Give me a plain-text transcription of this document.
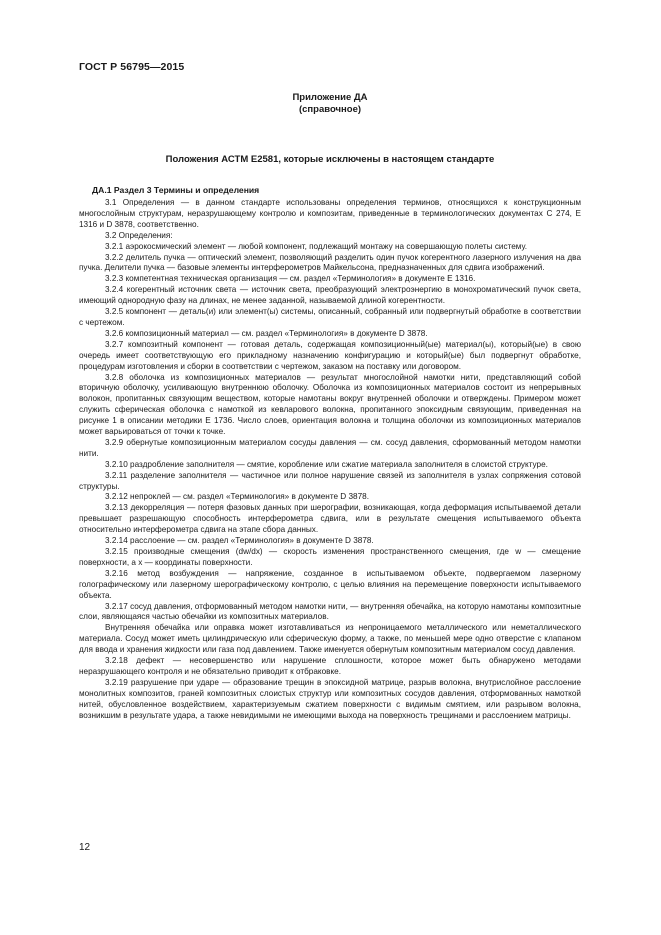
ГОСТ Р 56795—2015
Приложение ДА
(справочное)
Положения АСТМ Е2581, которые исключены в настоящем стандарте
ДА.1 Раздел 3 Термины и определения

3.1 Определения — в данном стандарте использованы определения терминов, относящихся к конструкционным многослойным структурам, неразрушающему контролю и композитам, приведенные в терминологических документах С 274, Е 1316 и D 3878, соответственно.

3.2 Определения:

3.2.1 аэрокосмический элемент — любой компонент, подлежащий монтажу на совершающую полеты систему.

3.2.2 делитель пучка — оптический элемент, позволяющий разделить один пучок когерентного лазерного излучения на два пучка. Делители пучка — базовые элементы интерферометров Майкельсона, предназначенных для сдвига изображений.

3.2.3 компетентная техническая организация — см. раздел «Терминология» в документе Е 1316.

3.2.4 когерентный источник света — источник света, преобразующий электроэнергию в монохроматический пучок света, имеющий однородную фазу на длинах, не менее заданной, называемой длиной когерентности.

3.2.5 компонент — деталь(и) или элемент(ы) системы, описанный, собранный или подвергнутый обработке в соответствии с чертежом.

3.2.6 композиционный материал — см. раздел «Терминология» в документе D 3878.

3.2.7 композитный компонент — готовая деталь, содержащая композиционный(ые) материал(ы), который(ые) в свою очередь имеет соответствующую его прикладному назначению конфигурацию и который(ые) был подвергнут обработке, процедурам изготовления и сборки в соответствии с чертежом, заказом на поставку или договором.

3.2.8 оболочка из композиционных материалов — результат многослойной намотки нити, представляющий собой вторичную оболочку, усиливающую внутреннюю оболочку. Оболочка из композиционных материалов состоит из непрерывных волокон, пропитанных связующим веществом, которые намотаны вокруг внутренней оболочки и отверждены. Примером может служить сферическая оболочка с намоткой из кевларового волокна, пропитанного эпоксидным связующим, приведенная на рисунке 1 в описании методики Е 1736. Число слоев, ориентация волокна и толщина оболочки из композиционных материалов может варьироваться от точки к точке.

3.2.9 обернутые композиционным материалом сосуды давления — см. сосуд давления, сформованный методом намотки нити.

3.2.10 раздробление заполнителя — смятие, коробление или сжатие материала заполнителя в слоистой структуре.

3.2.11 разделение заполнителя — частичное или полное нарушение связей из заполнителя в узлах сопряжения сотовой структуры.

3.2.12 непроклей — см. раздел «Терминология» в документе D 3878.

3.2.13 декорреляция — потеря фазовых данных при шерографии, возникающая, когда деформация испытываемой детали превышает разрешающую способность интерферометра сдвига, или в результате смещения испытываемого объекта относительно интерферометра сдвига на этапе сбора данных.

3.2.14 расслоение — см. раздел «Терминология» в документе D 3878.

3.2.15 производные смещения (dw/dx) — скорость изменения пространственного смещения, где w — смещение поверхности, а x — координаты поверхности.

3.2.16 метод возбуждения — напряжение, созданное в испытываемом объекте, подвергаемом лазерному голографическому или лазерному шерографическому контролю, с целью влияния на перемещение поверхности испытываемого объекта.

3.2.17 сосуд давления, отформованный методом намотки нити, — внутренняя обечайка, на которую намотаны композитные слои, являющаяся частью обечайки из композитных материалов.

Внутренняя обечайка или оправка может изготавливаться из непроницаемого металлического или неметаллического материала. Сосуд может иметь цилиндрическую или сферическую форму, а также, по меньшей мере одно отверстие с клапаном для ввода и хранения жидкости или газа под давлением. Также именуется обернутым композитным материалом сосуд давления.

3.2.18 дефект — несовершенство или нарушение сплошности, которое может быть обнаружено методами неразрушающего контроля и не обязательно приводит к отбраковке.

3.2.19 разрушение при ударе — образование трещин в эпоксидной матрице, разрыв волокна, внутрислойное расслоение монолитных композитов, граней композитных слоистых структур или композитных сосудов давления, отформованных намоткой нитей, обусловленное воздействием, характеризуемым сжатием поверхности с видимым смятием, или разрывом волокна, возникшим в результате удара, а также невидимыми не имеющими выхода на поверхность трещинами и расслоением матрицы.

12
